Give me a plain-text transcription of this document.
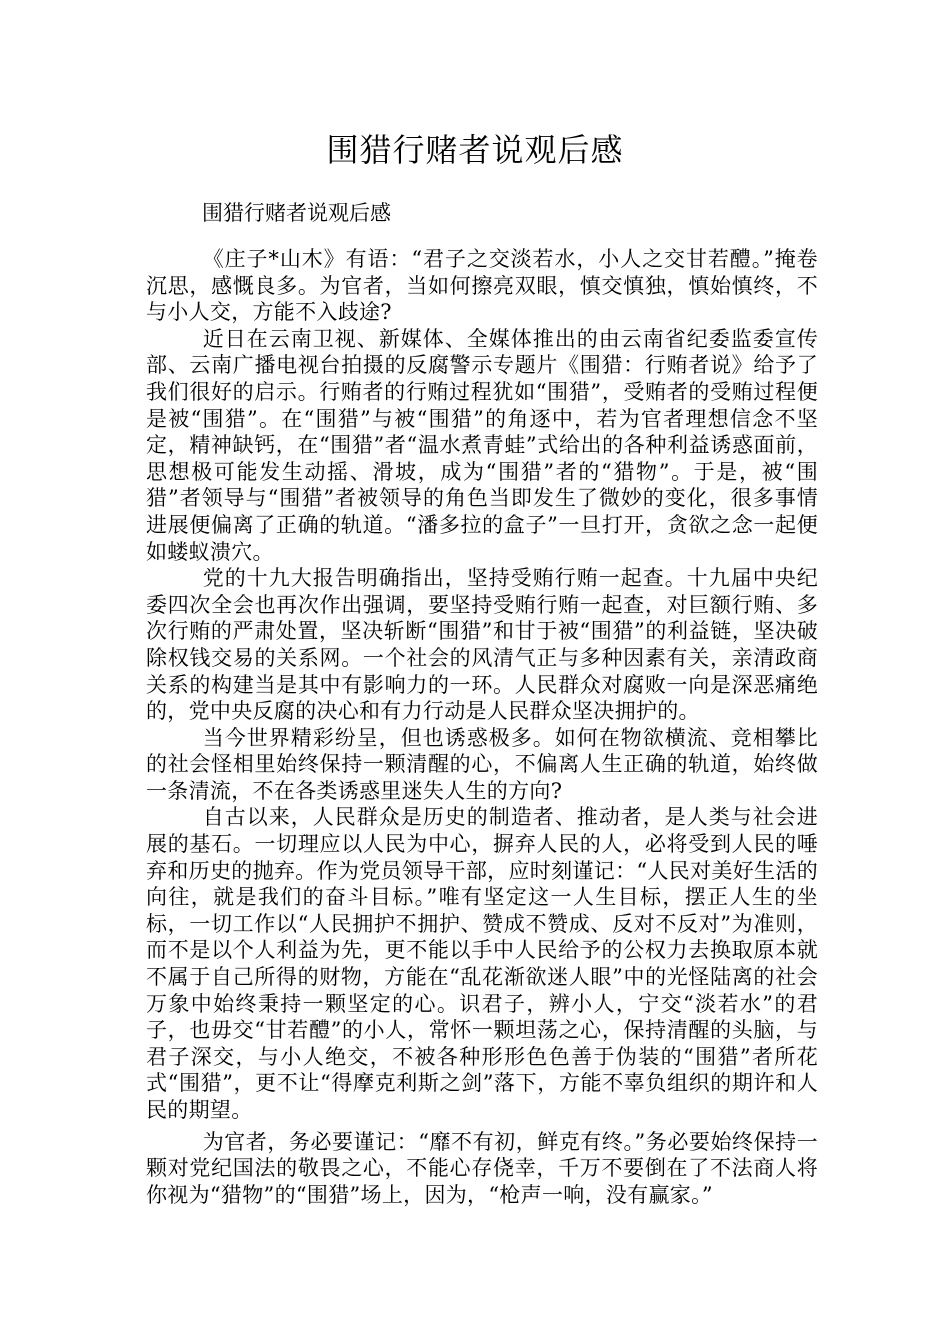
围猎行赌者说观后感

围猎行赌者说观后感

《庄子*山木》有语：“君子之交淡若水，小人之交甘若醴。”掩卷沉思，感慨良多。为官者，当如何擦亮双眼，慎交慎独，慎始慎终，不与小人交，方能不入歧途?

近日在云南卫视、新媒体、全媒体推出的由云南省纪委监委宣传部、云南广播电视台拍摄的反腐警示专题片《围猎：行贿者说》给予了我们很好的启示。行贿者的行贿过程犹如“围猎”，受贿者的受贿过程便是被“围猎”。在“围猎”与被“围猎”的角逐中，若为官者理想信念不坚定，精神缺钙，在“围猎”者“温水煮青蛙”式给出的各种利益诱惑面前，思想极可能发生动摇、滑坡，成为“围猎”者的“猎物”。于是，被“围猎”者领导与“围猎”者被领导的角色当即发生了微妙的变化，很多事情进展便偏离了正确的轨道。“潘多拉的盒子”一旦打开，贪欲之念一起便如蝼蚁溃穴。

党的十九大报告明确指出，坚持受贿行贿一起查。十九届中央纪委四次全会也再次作出强调，要坚持受贿行贿一起查，对巨额行贿、多次行贿的严肃处置，坚决斩断“围猎”和甘于被“围猎”的利益链，坚决破除权钱交易的关系网。一个社会的风清气正与多种因素有关，亲清政商关系的构建当是其中有影响力的一环。人民群众对腐败一向是深恶痛绝的，党中央反腐的决心和有力行动是人民群众坚决拥护的。

当今世界精彩纷呈，但也诱惑极多。如何在物欲横流、竞相攀比的社会怪相里始终保持一颗清醒的心，不偏离人生正确的轨道，始终做一条清流，不在各类诱惑里迷失人生的方向?

自古以来，人民群众是历史的制造者、推动者，是人类与社会进展的基石。一切理应以人民为中心，摒弃人民的人，必将受到人民的唾弃和历史的抛弃。作为党员领导干部，应时刻谨记：“人民对美好生活的向往，就是我们的奋斗目标。”唯有坚定这一人生目标，摆正人生的坐标，一切工作以“人民拥护不拥护、赞成不赞成、反对不反对”为准则，而不是以个人利益为先，更不能以手中人民给予的公权力去换取原本就不属于自己所得的财物，方能在“乱花渐欲迷人眼”中的光怪陆离的社会万象中始终秉持一颗坚定的心。识君子，辨小人，宁交“淡若水”的君子，也毋交“甘若醴”的小人，常怀一颗坦荡之心，保持清醒的头脑，与君子深交，与小人绝交，不被各种形形色色善于伪装的“围猎”者所花式“围猎”，更不让“得摩克利斯之剑”落下，方能不辜负组织的期许和人民的期望。

为官者，务必要谨记：“靡不有初，鲜克有终。”务必要始终保持一颗对党纪国法的敬畏之心，不能心存侥幸，千万不要倒在了不法商人将你视为“猎物”的“围猎”场上，因为，“枪声一响，没有赢家。”
